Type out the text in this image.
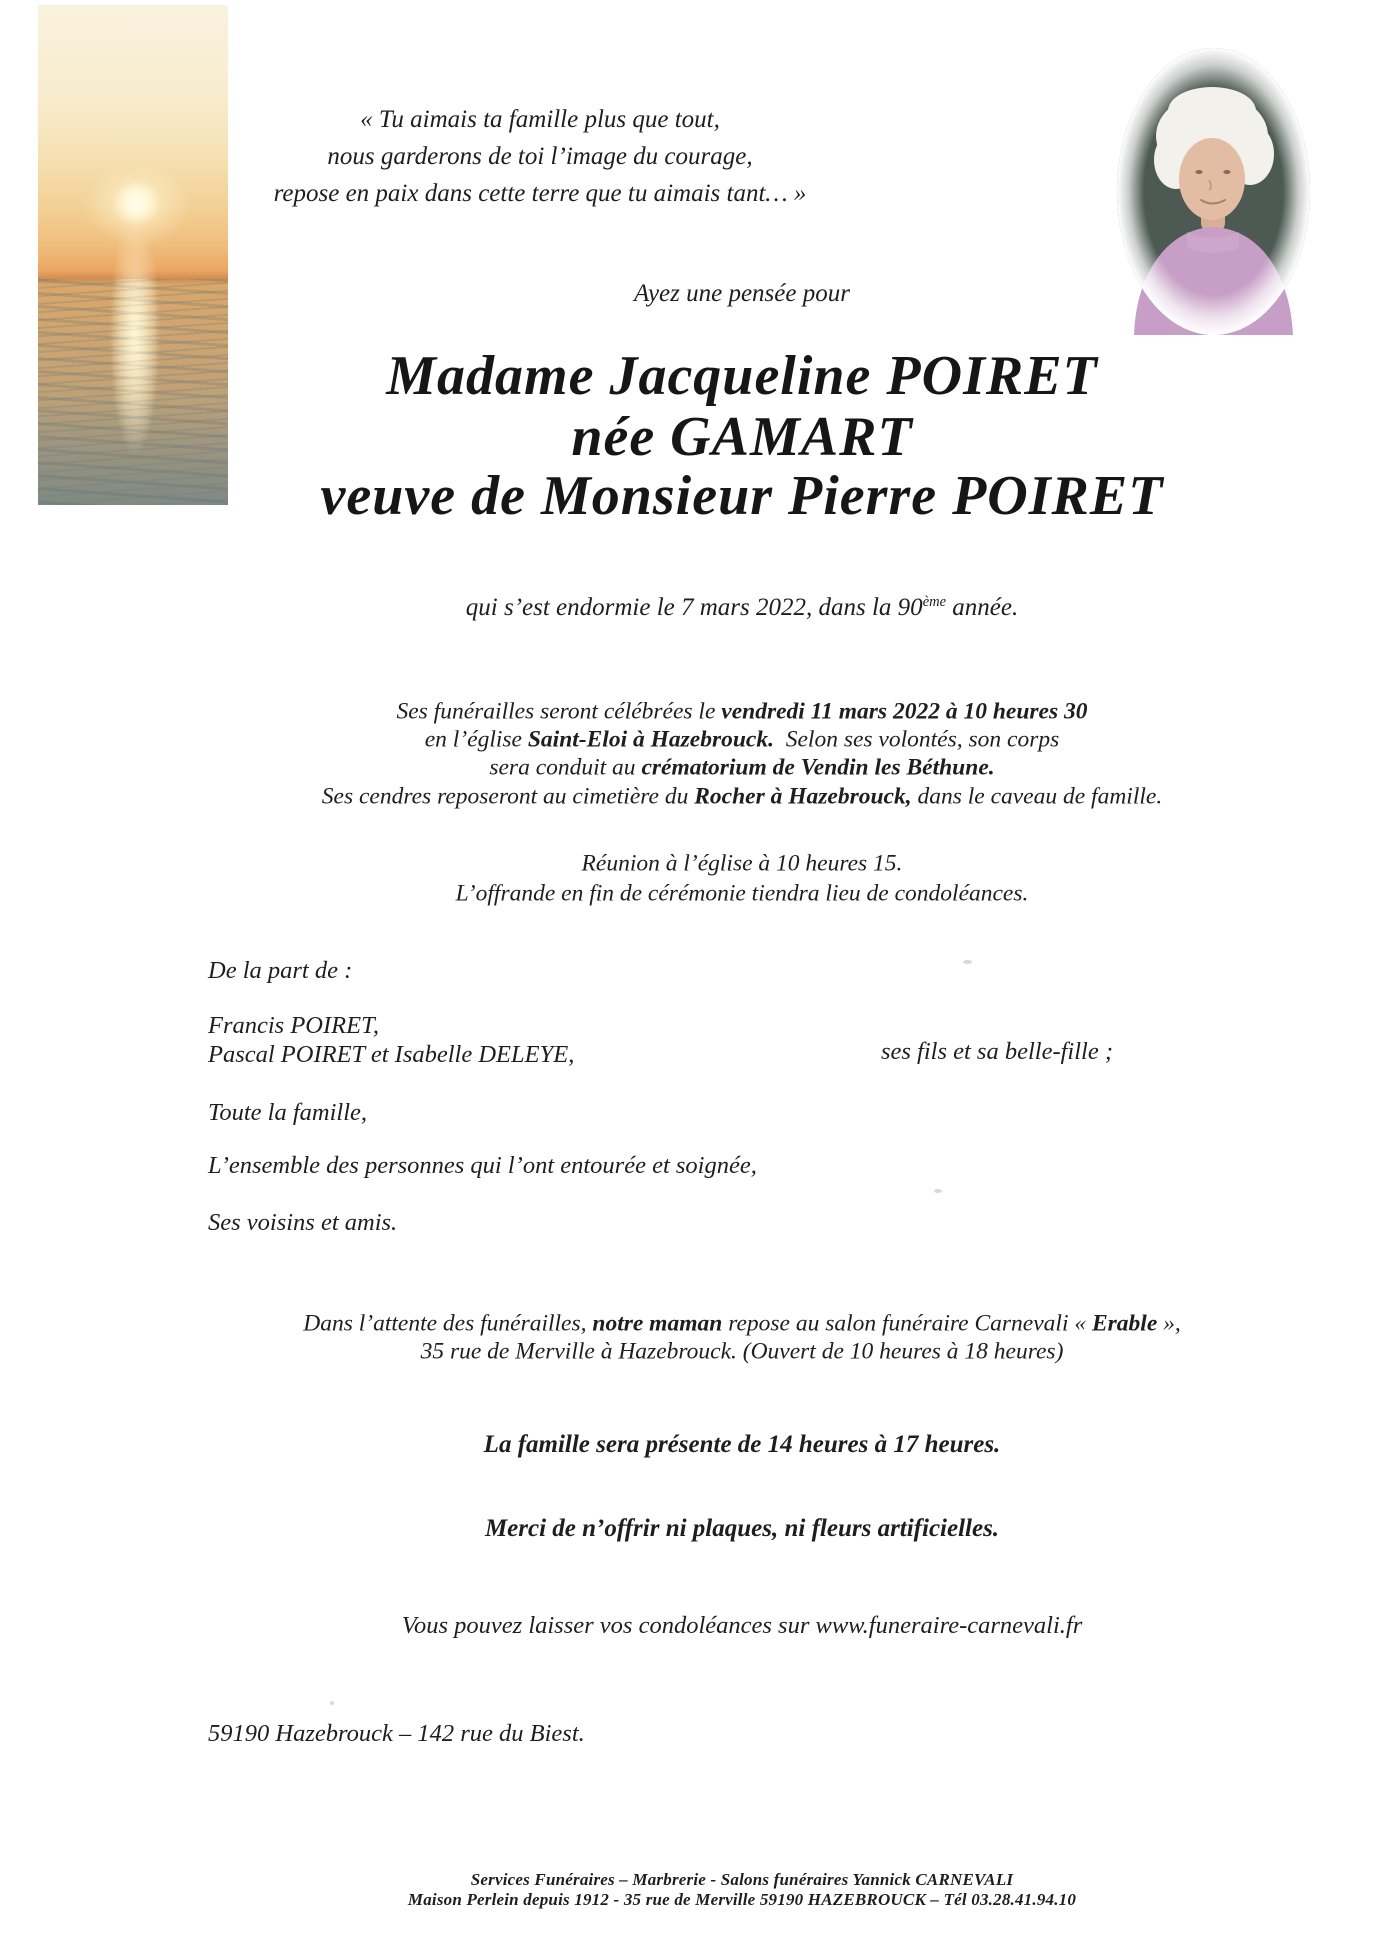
« Tu aimais ta famille plus que tout,
nous garderons de toi l’image du courage,
repose en paix dans cette terre que tu aimais tant… »
Ayez une pensée pour
Madame Jacqueline POIRET
née GAMART
veuve de Monsieur Pierre POIRET
qui s’est endormie le 7 mars 2022, dans la 90ème année.
Ses funérailles seront célébrées le vendredi 11 mars 2022 à 10 heures 30
en l’église Saint-Eloi à Hazebrouck.  Selon ses volontés, son corps
sera conduit au crématorium de Vendin les Béthune.
Ses cendres reposeront au cimetière du Rocher à Hazebrouck, dans le caveau de famille.
Réunion à l’église à 10 heures 15.
L’offrande en fin de cérémonie tiendra lieu de condoléances.
De la part de :
Francis POIRET,
Pascal POIRET et Isabelle DELEYE,	ses fils et sa belle-fille ;
Toute la famille,
L’ensemble des personnes qui l’ont entourée et soignée,
Ses voisins et amis.
Dans l’attente des funérailles, notre maman repose au salon funéraire Carnevali « Erable »,
35 rue de Merville à Hazebrouck. (Ouvert de 10 heures à 18 heures)
La famille sera présente de 14 heures à 17 heures.
Merci de n’offrir ni plaques, ni fleurs artificielles.
Vous pouvez laisser vos condoléances sur www.funeraire-carnevali.fr
59190 Hazebrouck – 142 rue du Biest.
Services Funéraires – Marbrerie - Salons funéraires Yannick CARNEVALI
Maison Perlein depuis 1912 - 35 rue de Merville 59190 HAZEBROUCK – Tél 03.28.41.94.10
